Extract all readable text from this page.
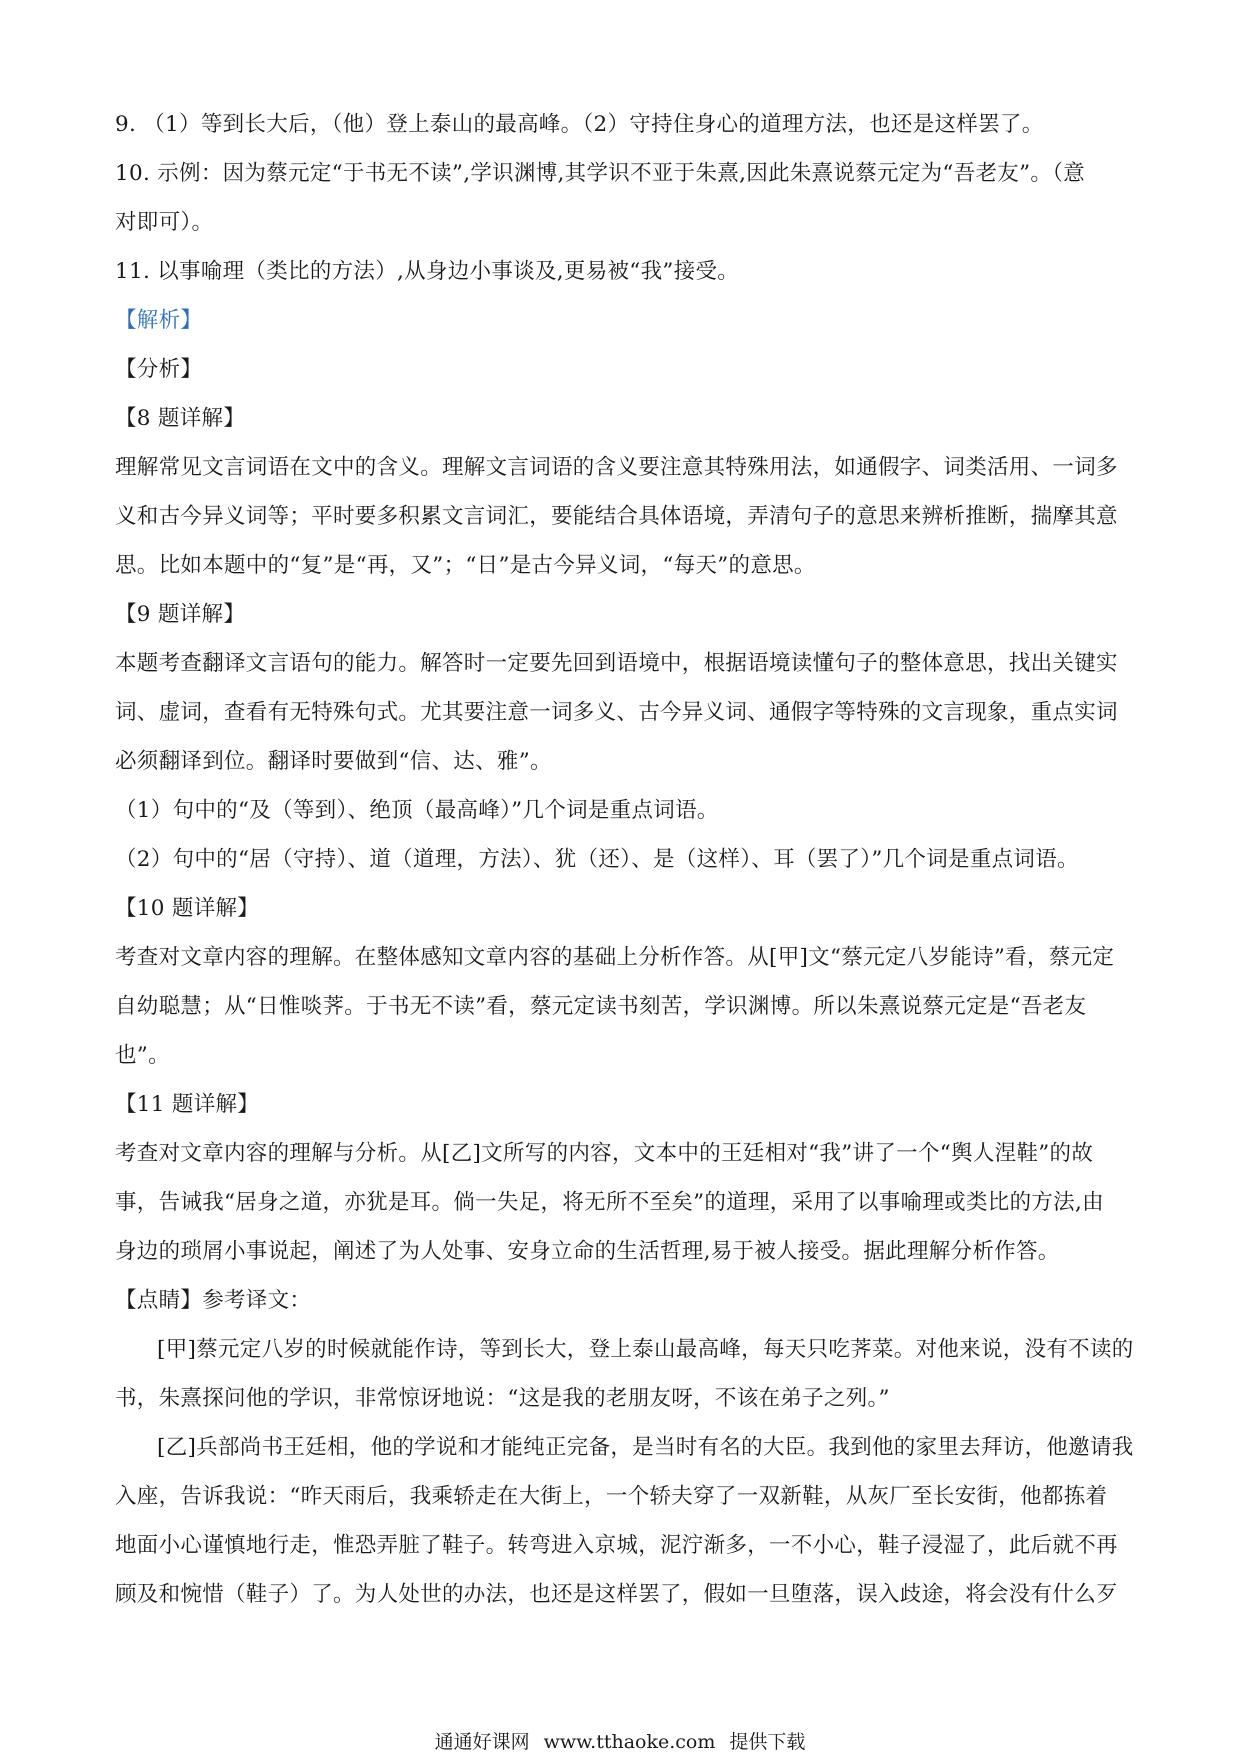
9. （1）等到长大后，（他）登上泰山的最高峰。（2）守持住身心的道理方法，也还是这样罢了。
10. 示例：因为蔡元定“于书无不读”,学识渊博,其学识不亚于朱熹,因此朱熹说蔡元定为“吾老友”。（意
对即可）。
11. 以事喻理（类比的方法）,从身边小事谈及,更易被“我”接受。
【解析】
【分析】
【8 题详解】
理解常见文言词语在文中的含义。理解文言词语的含义要注意其特殊用法，如通假字、词类活用、一词多
义和古今异义词等；平时要多积累文言词汇，要能结合具体语境，弄清句子的意思来辨析推断，揣摩其意
思。比如本题中的“复”是“再，又”；“日”是古今异义词，“每天”的意思。
【9 题详解】
本题考查翻译文言语句的能力。解答时一定要先回到语境中，根据语境读懂句子的整体意思，找出关键实
词、虚词，查看有无特殊句式。尤其要注意一词多义、古今异义词、通假字等特殊的文言现象，重点实词
必须翻译到位。翻译时要做到“信、达、雅”。
（1）句中的“及（等到）、绝顶（最高峰）”几个词是重点词语。
（2）句中的“居（守持）、道（道理，方法）、犹（还）、是（这样）、耳（罢了）”几个词是重点词语。
【10 题详解】
考查对文章内容的理解。在整体感知文章内容的基础上分析作答。从[甲]文“蔡元定八岁能诗”看，蔡元定
自幼聪慧；从“日惟啖荠。于书无不读”看，蔡元定读书刻苦，学识渊博。所以朱熹说蔡元定是“吾老友
也”。
【11 题详解】
考查对文章内容的理解与分析。从[乙]文所写的内容，文本中的王廷相对“我”讲了一个“舆人涅鞋”的故
事，告诫我“居身之道，亦犹是耳。倘一失足，将无所不至矣”的道理，采用了以事喻理或类比的方法,由
身边的琐屑小事说起，阐述了为人处事、安身立命的生活哲理,易于被人接受。据此理解分析作答。
【点睛】参考译文：
[甲]蔡元定八岁的时候就能作诗，等到长大，登上泰山最高峰，每天只吃荠菜。对他来说，没有不读的
书，朱熹探问他的学识，非常惊讶地说：“这是我的老朋友呀，不该在弟子之列。”
[乙]兵部尚书王廷相，他的学说和才能纯正完备，是当时有名的大臣。我到他的家里去拜访，他邀请我
入座，告诉我说：“昨天雨后，我乘轿走在大街上，一个轿夫穿了一双新鞋，从灰厂至长安街，他都拣着
地面小心谨慎地行走，惟恐弄脏了鞋子。转弯进入京城，泥泞渐多，一不小心，鞋子浸湿了，此后就不再
顾及和惋惜（鞋子）了。为人处世的办法，也还是这样罢了，假如一旦堕落，误入歧途，将会没有什么歹
通通好课网 www.tthaoke.com 提供下载
